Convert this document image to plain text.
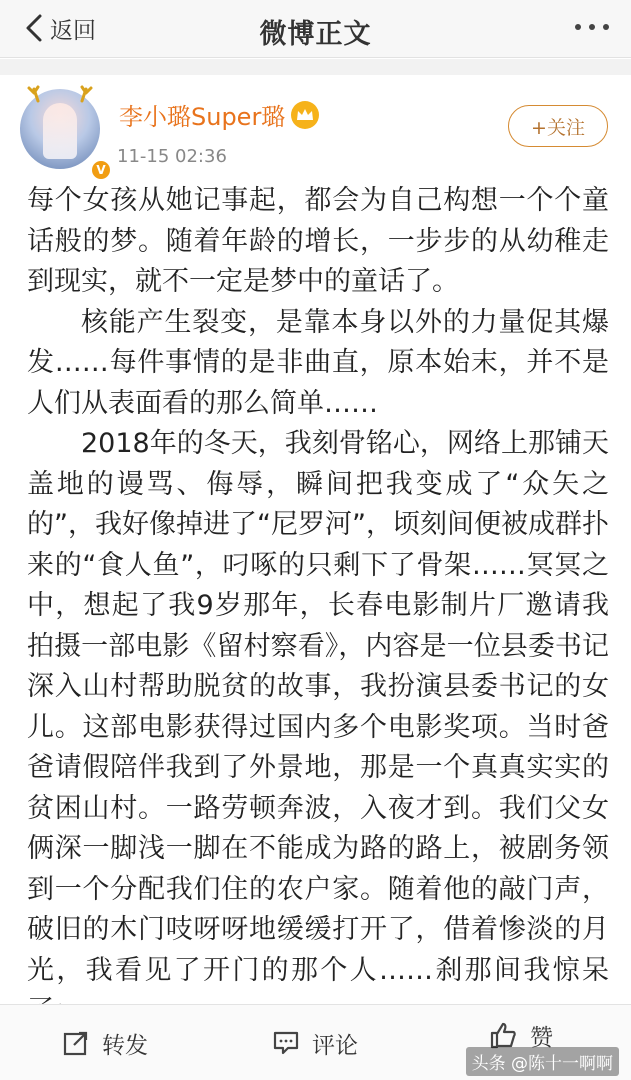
返回	微博正文
V
李小璐Super璐
11-15 02:36
+关注

每个女孩从她记事起，都会为自己构想一个个童话般的梦。随着年龄的增长，一步步的从幼稚走到现实，就不一定是梦中的童话了。

核能产生裂变，是靠本身以外的力量促其爆发……每件事情的是非曲直，原本始末，并不是人们从表面看的那么简单……

2018年的冬天，我刻骨铭心，网络上那铺天盖地的谩骂、侮辱，瞬间把我变成了“众矢之的”，我好像掉进了“尼罗河”，顷刻间便被成群扑来的“食人鱼”，叼啄的只剩下了骨架……冥冥之中，想起了我9岁那年，长春电影制片厂邀请我拍摄一部电影《留村察看》，内容是一位县委书记深入山村帮助脱贫的故事，我扮演县委书记的女儿。这部电影获得过国内多个电影奖项。当时爸爸请假陪伴我到了外景地，那是一个真真实实的贫困山村。一路劳顿奔波，入夜才到。我们父女俩深一脚浅一脚在不能成为路的路上，被剧务领到一个分配我们住的农户家。随着他的敲门声，破旧的木门吱呀呀地缓缓打开了，借着惨淡的月光，我看见了开门的那个人……刹那间我惊呆

转发	评论	赞
头条 @陈十一啊啊
